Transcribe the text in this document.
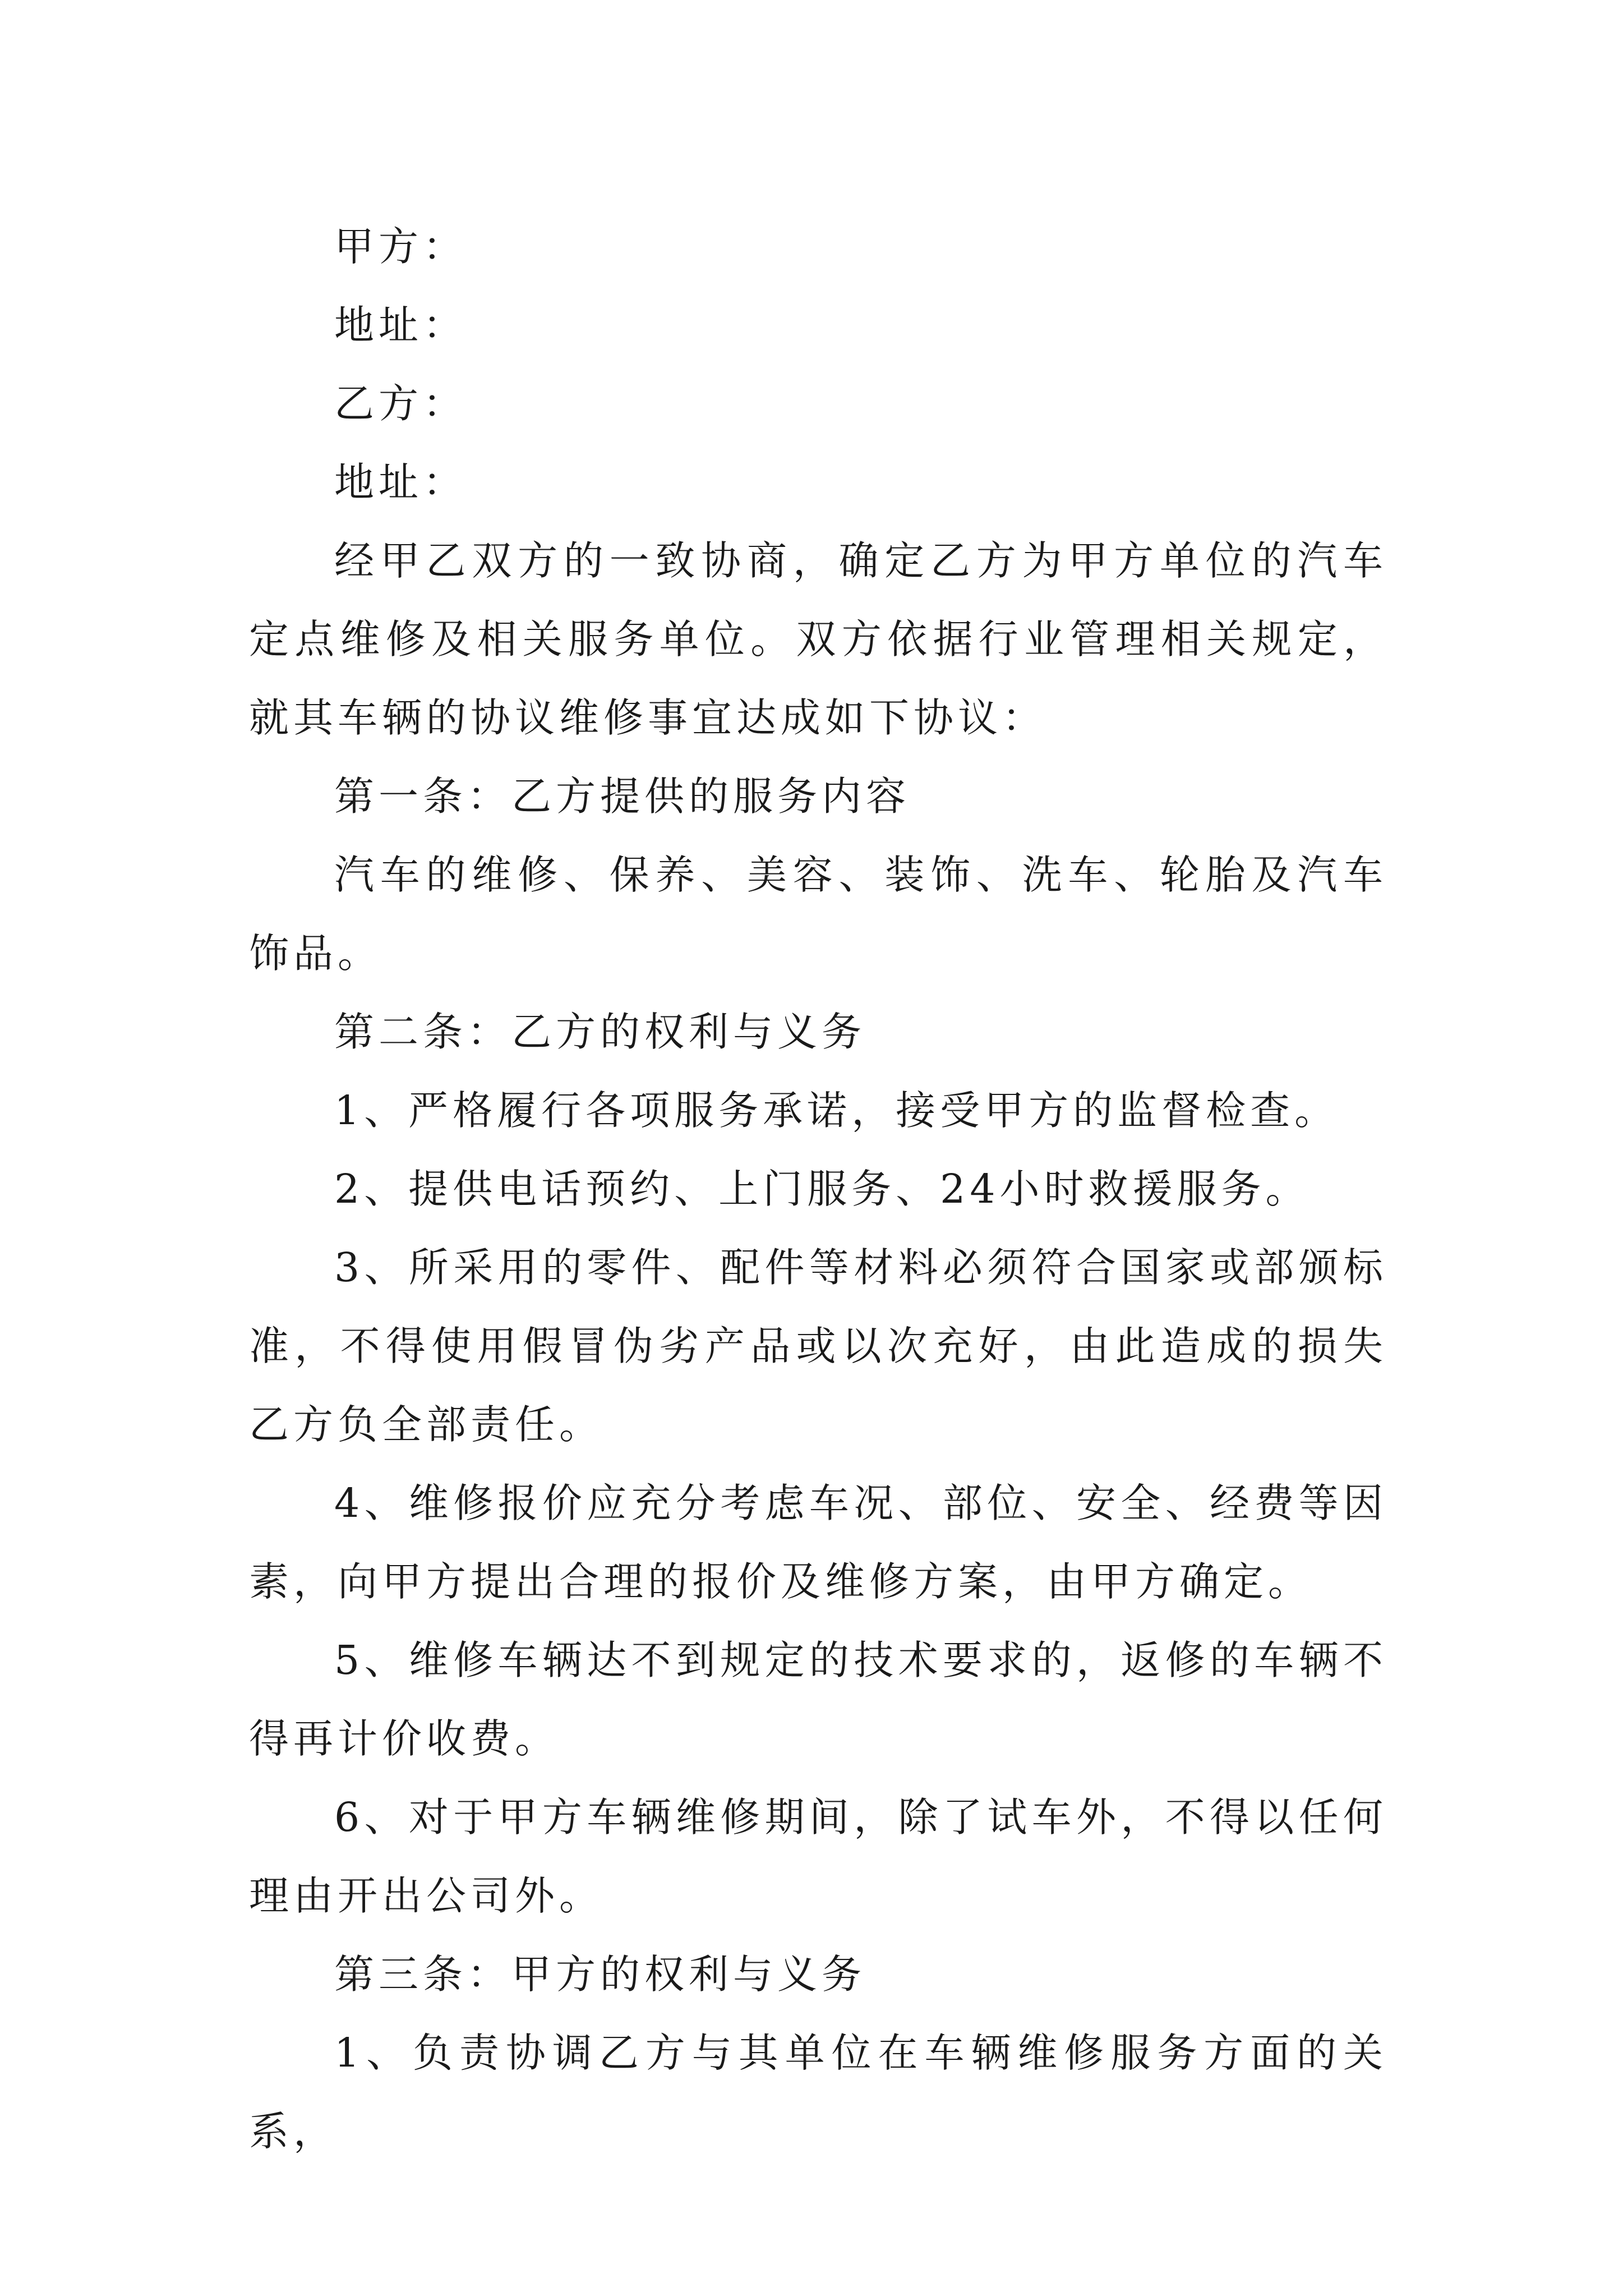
甲方：

地址：

乙方：

地址：

经甲乙双方的一致协商，确定乙方为甲方单位的汽车定点维修及相关服务单位。双方依据行业管理相关规定，就其车辆的协议维修事宜达成如下协议：

第一条：乙方提供的服务内容

汽车的维修、保养、美容、装饰、洗车、轮胎及汽车饰品。

第二条：乙方的权利与义务

1、严格履行各项服务承诺，接受甲方的监督检查。

2、提供电话预约、上门服务、24小时救援服务。

3、所采用的零件、配件等材料必须符合国家或部颁标准，不得使用假冒伪劣产品或以次充好，由此造成的损失乙方负全部责任。

4、维修报价应充分考虑车况、部位、安全、经费等因素，向甲方提出合理的报价及维修方案，由甲方确定。

5、维修车辆达不到规定的技术要求的，返修的车辆不得再计价收费。

6、对于甲方车辆维修期间，除了试车外，不得以任何理由开出公司外。

第三条：甲方的权利与义务

1、负责协调乙方与其单位在车辆维修服务方面的关系，
